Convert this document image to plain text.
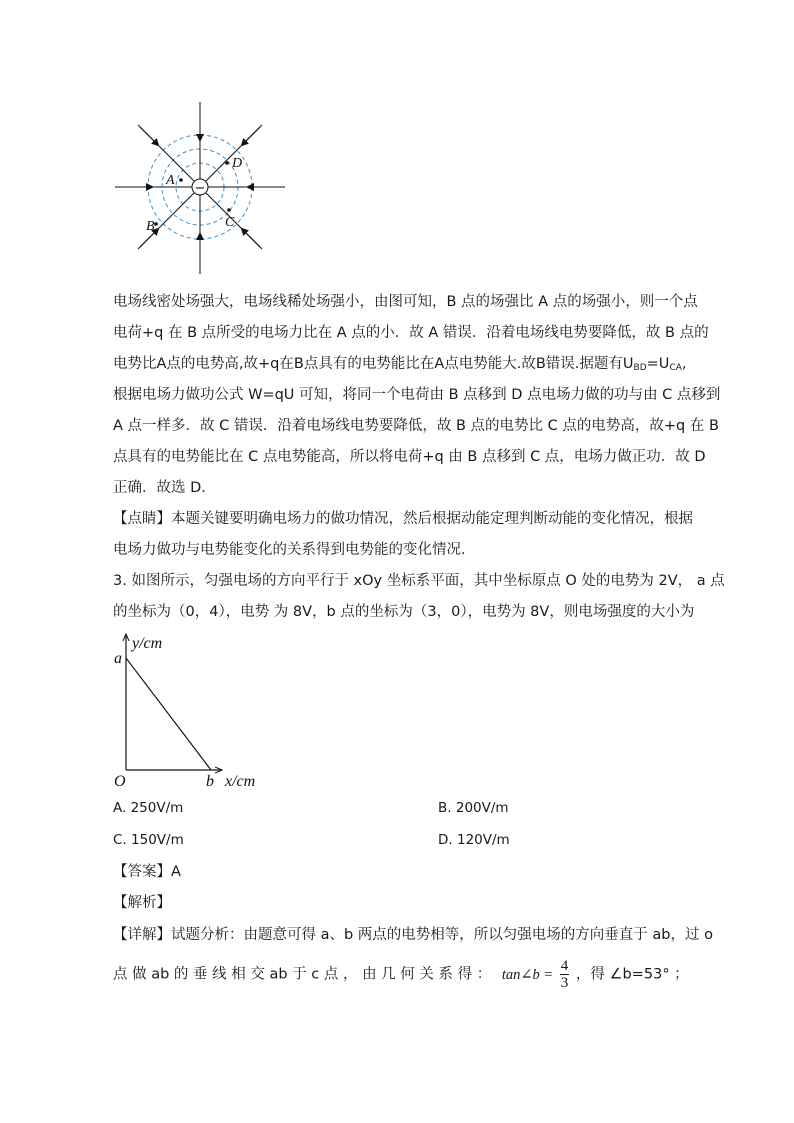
−
A
B	C
D
电场线密处场强大，电场线稀处场强小，由图可知，B 点的场强比 A 点的场强小，则一个点
电荷+q 在 B 点所受的电场力比在 A 点的小．故 A 错误．沿着电场线电势要降低，故 B 点的
电势比A点的电势高,故+q在B点具有的电势能比在A点电势能大.故B错误.据题有$U_{BD}=U_{CA}$,
根据电场力做功公式 W=qU 可知，将同一个电荷由 B 点移到 D 点电场力做的功与由 C 点移到
A 点一样多．故 C 错误．沿着电场线电势要降低，故 B 点的电势比 C 点的电势高，故+q 在 B
点具有的电势能比在 C 点电势能高，所以将电荷+q 由 B 点移到 C 点，电场力做正功．故 D
正确．故选 D．
【点睛】本题关键要明确电场力的做功情况，然后根据动能定理判断动能的变化情况，根据
电场力做功与电势能变化的关系得到电势能的变化情况．
3. 如图所示，匀强电场的方向平行于 xOy 坐标系平面，其中坐标原点 O 处的电势为 2V， a 点
的坐标为（0，4），电势 为 8V，b 点的坐标为（3，0），电势为 8V，则电场强度的大小为
y/cm
x/cm
a
b
O
A. 250V/m	B. 200V/m
C. 150V/m	D. 120V/m
【答案】A
【解析】
【详解】试题分析：由题意可得 a、b 两点的电势相等，所以匀强电场的方向垂直于 ab，过 o
点 做 ab 的 垂 线 相 交 ab 于 c 点 ， 由 几 何 关 系 得 ： tan∠b = $\frac{4}{3}$ ，得 ∠b=53° ；
